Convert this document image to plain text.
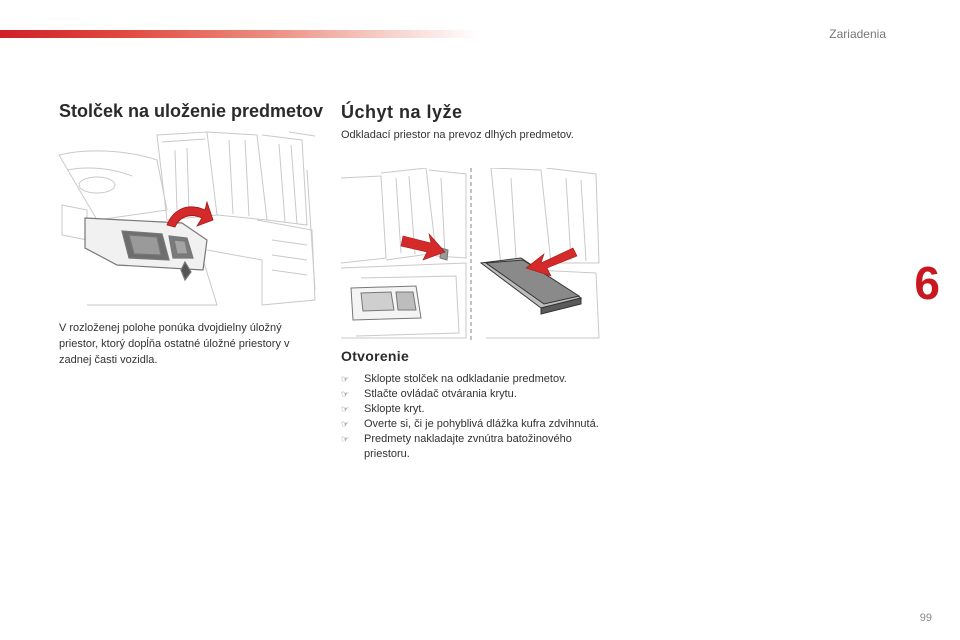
Zariadenia
Stolček na uloženie predmetov Úchyt na lyže

Odkladací priestor na prevoz dlhých predmetov.

V rozloženej polohe ponúka dvojdielny úložný priestor, ktorý dopĺňa ostatné úložné priestory v zadnej časti vozidla.	Otvorenie
☞ Sklopte stolček na odkladanie predmetov.
☞ Stlačte ovládač otvárania krytu.
☞ Sklopte kryt.
☞ Overte si, či je pohyblivá dlážka kufra zdvihnutá.
☞ Predmety nakladajte zvnútra batožinového priestoru.
6
99
